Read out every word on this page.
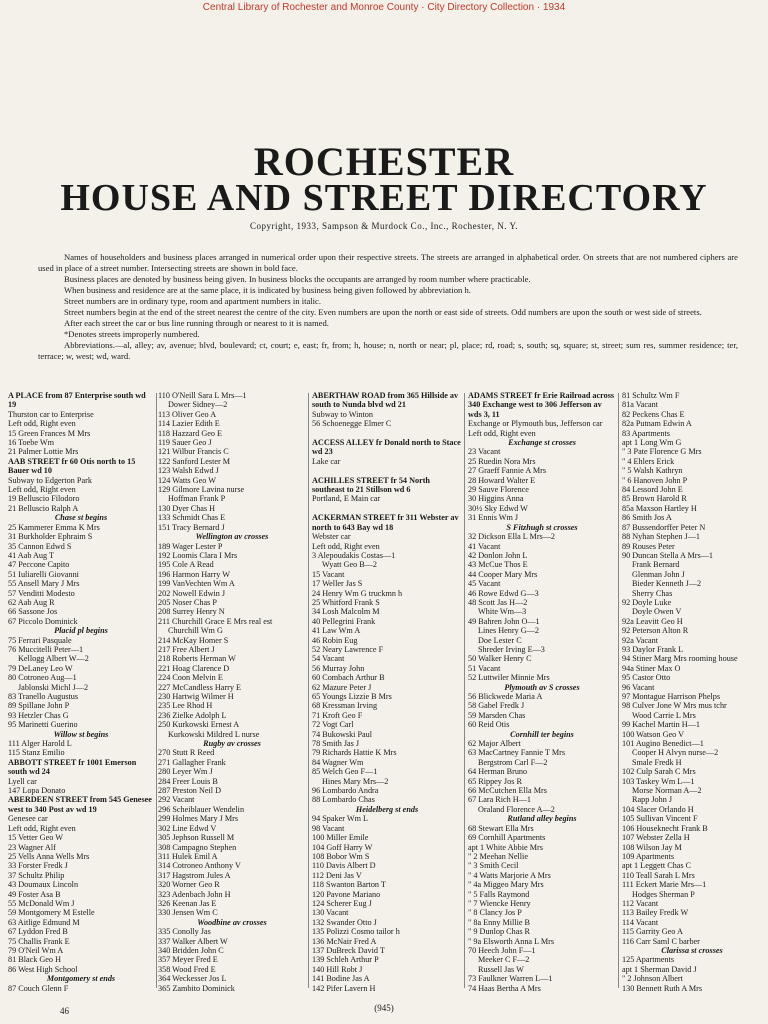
Central Library of Rochester and Monroe County · City Directory Collection · 1934
ROCHESTER
HOUSE AND STREET DIRECTORY
Copyright, 1933, Sampson & Murdock Co., Inc., Rochester, N. Y.

Names of householders and business places arranged in numerical order upon their respective streets. The streets are arranged in alphabetical order. On streets that are not numbered ciphers are used in place of a street number. Intersecting streets are shown in bold face.

Business places are denoted by business being given. In business blocks the occupants are arranged by room number where practicable.

When business and residence are at the same place, it is indicated by business being given followed by abbreviation h.

Street numbers are in ordinary type, room and apartment numbers in italic.

Street numbers begin at the end of the street nearest the centre of the city. Even numbers are upon the north or east side of streets. Odd numbers are upon the south or west side of streets.

After each street the car or bus line running through or nearest to it is named.

*Denotes streets improperly numbered.

Abbreviations.—al, alley; av, avenue; blvd, boulevard; ct, court; e, east; fr, from; h, house; n, north or near; pl, place; rd, road; s, south; sq, square; st, street; sum res, summer residence; ter, terrace; w, west; wd, ward.

A PLACE from 87 Enterprise south wd 19
Thurston car to Enterprise
Left odd, Right even
15 Green Frances M Mrs
16 Toebe Wm
21 Palmer Lottie Mrs
AAB STREET fr 60 Otis north to 15 Bauer wd 10
Subway to Edgerton Park
Left odd, Right even
19 Belluscio Filodoro
21 Belluscio Ralph A
Chase st begins
25 Kammerer Emma K Mrs
31 Burkholder Ephraim S
35 Cannon Edwd S
41 Aab Aug T
47 Peccone Capito
51 Iuliarelli Giovanni
55 Ansell Mary J Mrs
57 Venditti Modesto
62 Aab Aug R
66 Sassone Jos
67 Piccolo Dominick
Placid pl begins
75 Ferrari Pasquale
76 Muccitelli Peter—1
Kellogg Albert W—2
79 DeLaney Leo W
80 Cotroneo Aug—1
Jablonski Michl J—2
83 Tranello Augustus
89 Spillane John P
93 Hetzler Chas G
95 Marinetti Guerino
Willow st begins
111 Alger Harold L
115 Stanz Emilio
ABBOTT STREET fr 1001 Emerson south wd 24
Lyell car
147 Lopa Donato
ABERDEEN STREET from 545 Genesee west to 340 Post av wd 19
Genesee car
Left odd, Right even
15 Vetter Geo W
23 Wagner Alf
25 Vells Anna Wells Mrs
33 Forster Fredk J
37 Schultz Philip
43 Doumaux Lincoln
49 Foster Asa B
55 McDonald Wm J
59 Montgomery M Estelle
63 Aitlige Edmund M
67 Lyddon Fred B
75 Challis Frank E
79 O'Neil Wm A
81 Black Geo H
86 West High School
Montgomery st ends
87 Couch Glenn F
110 O'Neill Sara L Mrs—1
Dower Sidney—2
113 Oliver Geo A
114 Lazier Edith E
118 Hazzard Geo E
119 Sauer Geo J
121 Wilbur Francis C
122 Sanford Lester M
123 Walsh Edwd J
124 Watts Geo W
129 Gilmore Lavina nurse
Hoffman Frank P
130 Dyer Chas H
133 Schmidt Chas E
151 Tracy Bernard J
Wellington av crosses
189 Wager Lester P
192 Loomis Clara I Mrs
195 Cole A Read
196 Harmon Harry W
199 VanVechten Wm A
202 Nowell Edwin J
205 Noser Chas P
208 Surrey Henry N
211 Churchill Grace E Mrs real est
Churchill Wm G
214 McKay Homer S
217 Free Albert J
218 Roberts Herman W
221 Hoag Clarence D
224 Coon Melvin E
227 McCandless Harry E
230 Hartwig Wilmer H
235 Lee Rhod H
236 Zielke Adolph L
250 Kurkowski Ernest A
Kurkowski Mildred L nurse
Rugby av crosses
270 Stutt R Reed
271 Gallagher Frank
280 Leyer Wm J
284 Freer Louis B
287 Preston Neil D
292 Vacant
296 Scheiblauer Wendelin
299 Holmes Mary J Mrs
302 Line Edwd V
305 Jephson Russell M
308 Campagno Stephen
311 Hulek Emil A
314 Cotroneo Anthony V
317 Hagstrom Jules A
320 Worner Geo R
323 Adenbach John H
326 Keenan Jas E
330 Jensen Wm C
Woodbine av crosses
335 Conolly Jas
337 Walker Albert W
340 Bridden John C
357 Meyer Fred E
358 Wood Fred E
364 Weckesser Jos L
365 Zambito Dominick
ABERTHAW ROAD from 365 Hillside av south to Nunda blvd wd 21
Subway to Winton
56 Schoenegge Elmer C

ACCESS ALLEY fr Donald north to Stace wd 23
Lake car

ACHILLES STREET fr 54 North southeast to 21 Stillson wd 6
Portland, E Main car

ACKERMAN STREET fr 311 Webster av north to 643 Bay wd 18
Webster car
Left odd, Right even
3 Alepoudakis Costas—1
Wyatt Geo B—2
15 Vacant
17 Weller Jas S
24 Henry Wm G truckmn h
25 Whitford Frank S
34 Losh Malcolm M
40 Pellegrini Frank
41 Law Wm A
46 Robin Eug
52 Neary Lawrence F
54 Vacant
56 Murray John
60 Combach Arthur B
62 Mazure Peter J
65 Youngs Lizzie B Mrs
68 Kressman Irving
71 Kroft Geo F
72 Vogt Carl
74 Bukowski Paul
78 Smith Jas J
79 Richards Hattie K Mrs
84 Wagner Wm
85 Welch Geo F—1
Hines Mary Mrs—2
96 Lombardo Andra
88 Lombardo Chas
Heidelberg st ends
94 Spaker Wm L
98 Vacant
100 Miller Emile
104 Goff Harry W
108 Bobor Wm S
110 Davis Albert D
112 Deni Jas V
118 Swanton Barton T
120 Pavone Mariano
124 Scherer Eug J
130 Vacant
132 Swander Otto J
135 Polizzi Cosmo tailor h
136 McNair Fred A
137 DuBreck David T
139 Schleh Arthur P
140 Hill Robt J
141 Bodine Jas A
142 Pifer Lavern H

ADAMS STREET fr Erie Railroad across 340 Exchange west to 306 Jefferson av wds 3, 11
Exchange or Plymouth bus, Jefferson car
Left odd, Right even
Exchange st crosses
23 Vacant
25 Ruedin Nora Mrs
27 Graeff Fannie A Mrs
28 Howard Walter E
29 Sauve Florence
30 Higgins Anna
30½ Sky Edwd W
31 Ennis Wm J
S Fitzhugh st crosses
32 Dickson Ella L Mrs—2
41 Vacant
42 Donlon John L
43 McCue Thos E
44 Cooper Mary Mrs
45 Vacant
46 Rowe Edwd G—3
48 Scott Jas H—2
White Wm—3
49 Bahren John O—1
Lines Henry G—2
Doe Lester C
Shreder Irving E—3
50 Walker Henry C
51 Vacant
52 Luttwiler Minnie Mrs
Plymouth av S crosses
56 Blickwede Maria A
58 Gabel Fredk J
59 Marsden Chas
60 Reid Otis
Cornhill ter begins
62 Major Albert
63 MacCartney Fannie T Mrs
Bergstrom Carl F—2
64 Herman Bruno
65 Rippey Jos R
66 McCutchen Ella Mrs
67 Lara Rich H—1
Oraland Florence A—2
Rutland alley begins
68 Stewart Ella Mrs
69 Cornhill Apartments
apt 1 White Abbie Mrs
" 2 Meehan Nellie
" 3 Smith Cecil
" 4 Watts Marjorie A Mrs
" 4a Miggeo Mary Mrs
" 5 Falls Raymond
" 7 Wiencke Henry
" 8 Clancy Jos P
" 8a Enny Millie B
" 9 Dunlop Chas R
" 9a Elsworth Anna L Mrs
70 Heech John F—1
Meeker C F—2
Russell Jas W
73 Faulkner Warren L—1
74 Haas Bertha A Mrs
81 Schultz Wm F
81a Vacant
82 Peckens Chas E
82a Putnam Edwin A
83 Apartments
apt 1 Long Wm G
" 3 Pate Florence G Mrs
" 4 Ehlers Erick
" 5 Walsh Kathryn
" 6 Hanoven John P
84 Lessord John E
85 Brown Harold R
85a Maxson Hartley H
86 Smith Jos A
87 Bussendorffer Peter N
88 Nyhan Stephen J—1
89 Rouses Peter
90 Duncan Stella A Mrs—1
Frank Bernard
Glenman John J
Bieder Kenneth J—2
Sherry Chas
92 Doyle Luke
Doyle Owen V
92a Leavitt Geo H
92 Peterson Alton R
92a Vacant
93 Daylor Frank L
94 Stiner Marg Mrs rooming house
94a Stiner Max O
95 Castor Otto
96 Vacant
97 Montague Harrison Phelps
98 Culver Jone W Mrs mus tchr
Wood Carrie L Mrs
99 Kachel Martin H—1
100 Watson Geo V
101 Augino Benedict—1
Cooper H Alvyn nurse—2
Smale Fredk H
102 Culp Sarah C Mrs
103 Taskey Wm L—1
Morse Norman A—2
Rapp John J
104 Slacer Orlando H
105 Sullivan Vincent F
106 Houseknecht Frank B
107 Webster Zella H
108 Wilson Jay M
109 Apartments
apt 1 Leggett Chas C
110 Teall Sarah L Mrs
111 Eckert Marie Mrs—1
Hodges Sherman P
112 Vacant
113 Bailey Fredk W
114 Vacant
115 Garrity Geo A
116 Carr Saml C barber
Clarissa st crosses
125 Apartments
apt 1 Sherman David J
" 2 Johnson Albert
130 Bennett Ruth A Mrs
46	(945)
